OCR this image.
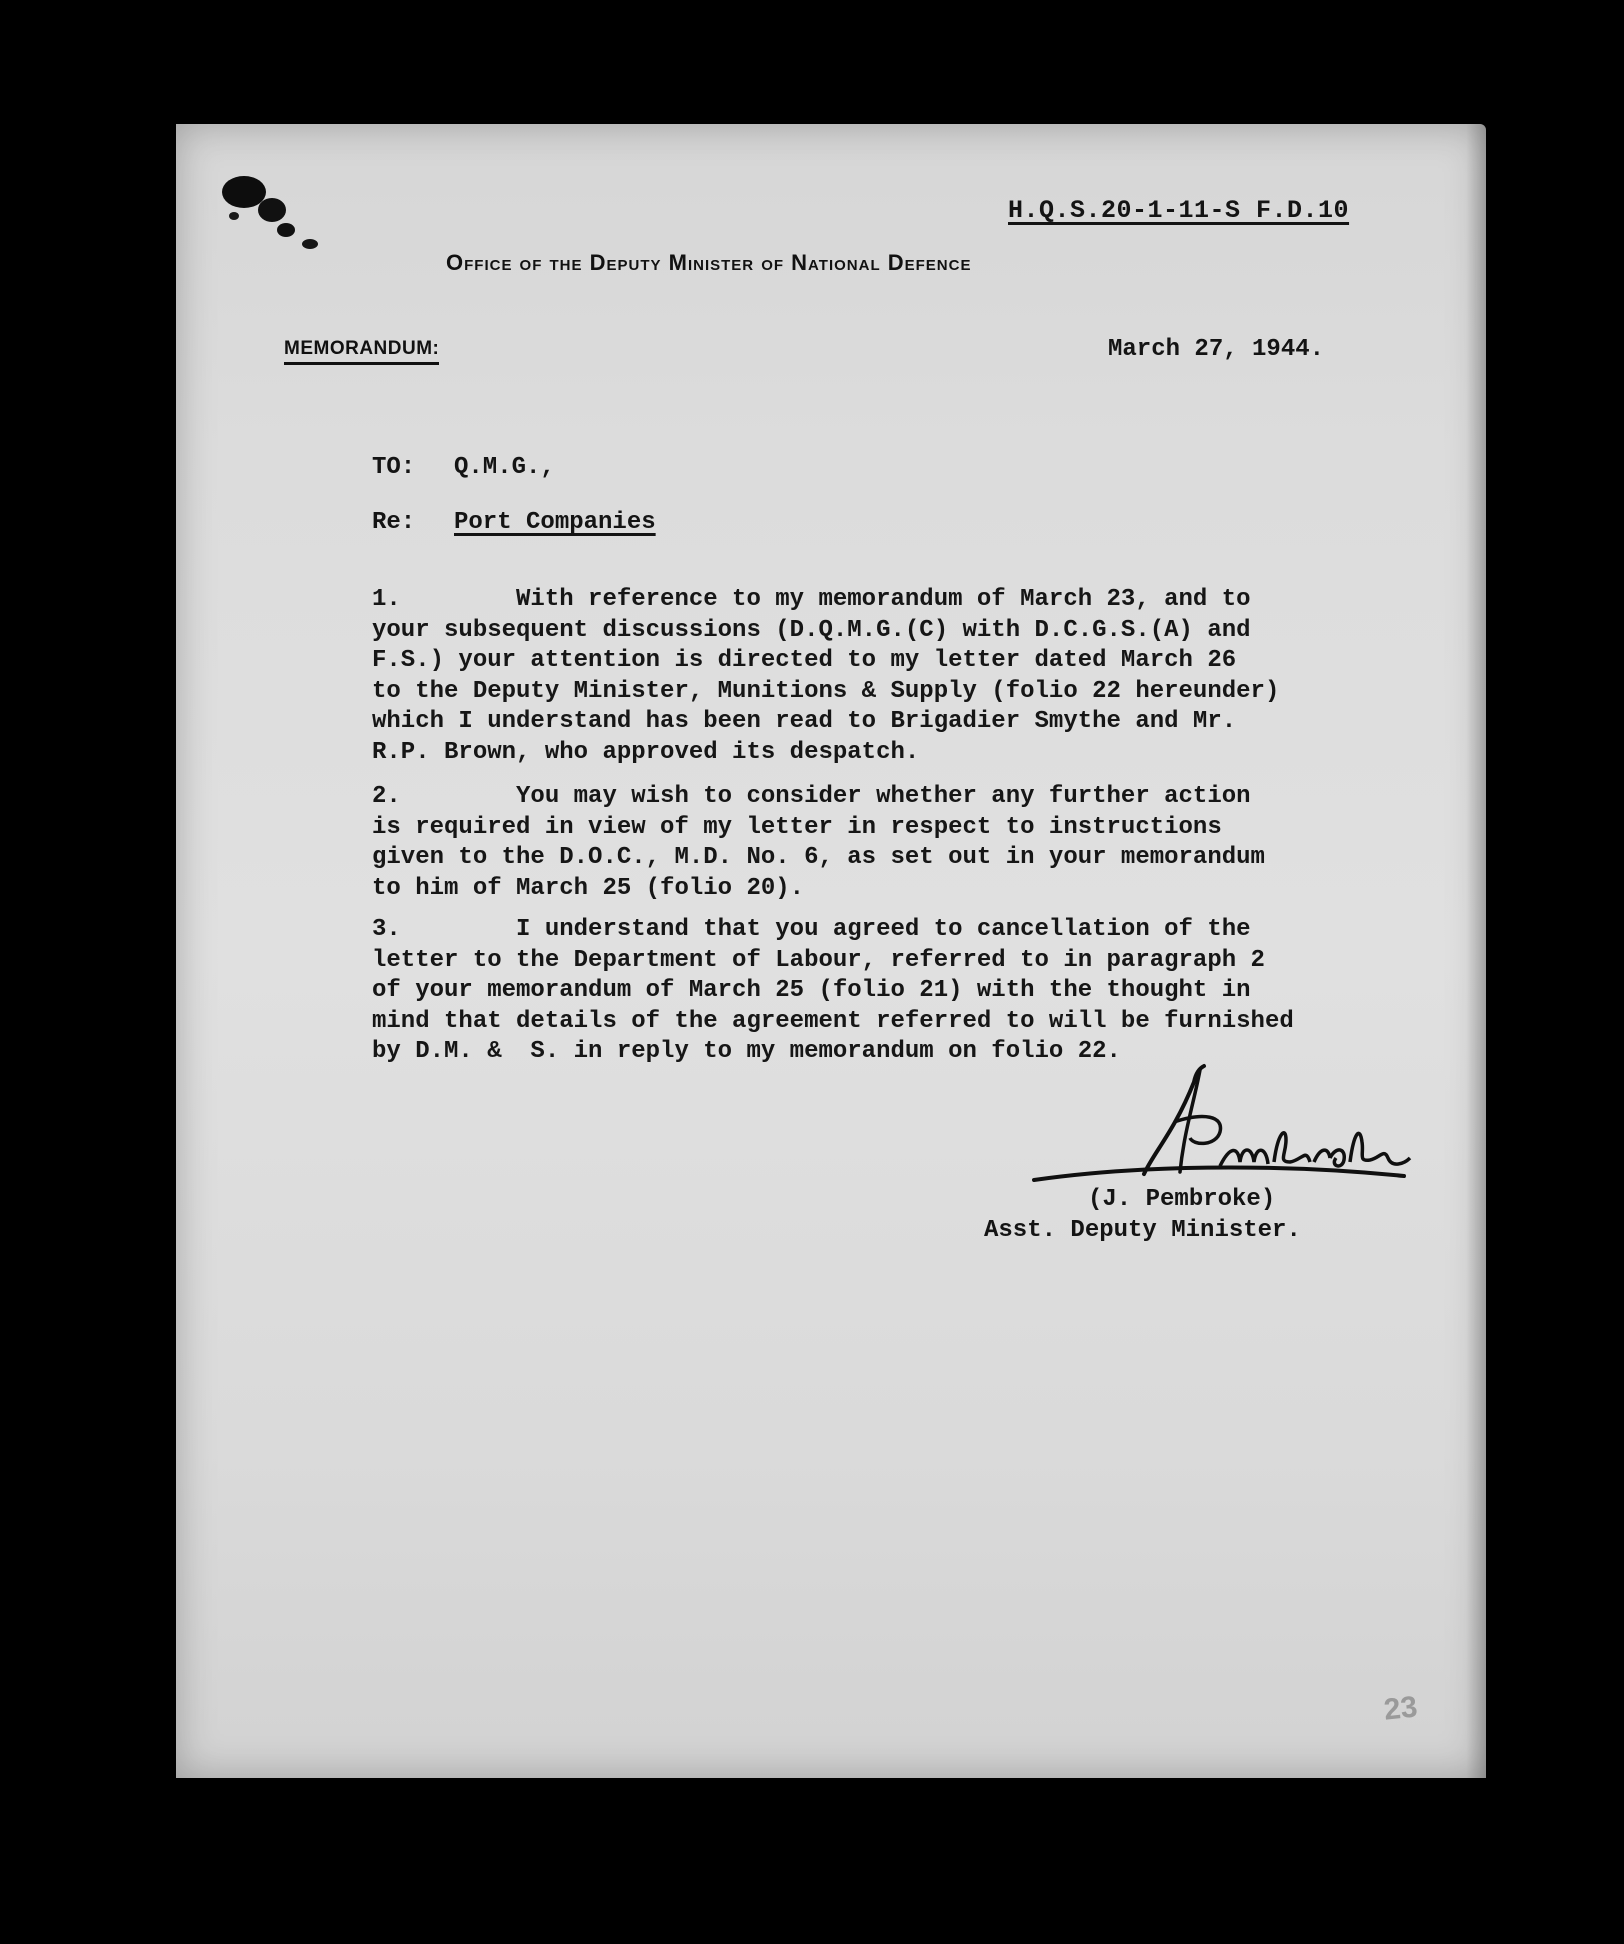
H.Q.S.20-1-11-S F.D.10
Office of the Deputy Minister of National Defence
MEMORANDUM:	March 27, 1944.
TO: Q.M.G.,
Re: Port Companies
1.        With reference to my memorandum of March 23, and to
your subsequent discussions (D.Q.M.G.(C) with D.C.G.S.(A) and
F.S.) your attention is directed to my letter dated March 26
to the Deputy Minister, Munitions & Supply (folio 22 hereunder)
which I understand has been read to Brigadier Smythe and Mr.
R.P. Brown, who approved its despatch.
2.        You may wish to consider whether any further action
is required in view of my letter in respect to instructions
given to the D.O.C., M.D. No. 6, as set out in your memorandum
to him of March 25 (folio 20).
3.        I understand that you agreed to cancellation of the
letter to the Department of Labour, referred to in paragraph 2
of your memorandum of March 25 (folio 21) with the thought in
mind that details of the agreement referred to will be furnished
by D.M. &  S. in reply to my memorandum on folio 22.
(J. Pembroke)
Asst. Deputy Minister.
23
